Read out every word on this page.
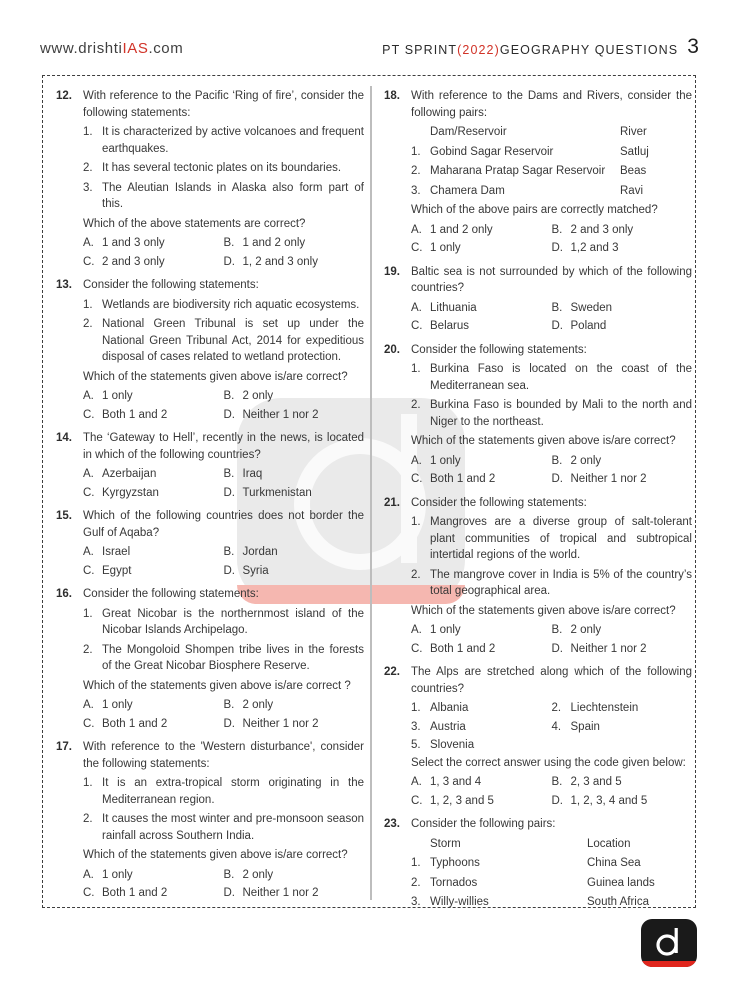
www.drishtiIAS.com	PT SPRINT (2022) GEOGRAPHY QUESTIONS 3
12. With reference to the Pacific ‘Ring of fire’, consider the following statements:
1. It is characterized by active volcanoes and frequent earthquakes.
2. It has several tectonic plates on its boundaries.
3. The Aleutian Islands in Alaska also form part of this.
Which of the above statements are correct?
A. 1 and 3 only	B. 1 and 2 only
C. 2 and 3 only	D. 1, 2 and 3 only
13. Consider the following statements:
1. Wetlands are biodiversity rich aquatic ecosystems.
2. National Green Tribunal is set up under the National Green Tribunal Act, 2014 for expeditious disposal of cases related to wetland protection.
Which of the statements given above is/are correct?
A. 1 only	B. 2 only
C. Both 1 and 2	D. Neither 1 nor 2
14. The ‘Gateway to Hell’, recently in the news, is located in which of the following countries?
A. Azerbaijan	B. Iraq
C. Kyrgyzstan	D. Turkmenistan
15. Which of the following countries does not border the Gulf of Aqaba?
A. Israel	B. Jordan
C. Egypt	D. Syria
16. Consider the following statements:
1. Great Nicobar is the northernmost island of the Nicobar Islands Archipelago.
2. The Mongoloid Shompen tribe lives in the forests of the Great Nicobar Biosphere Reserve.
Which of the statements given above is/are correct ?
A. 1 only	B. 2 only
C. Both 1 and 2	D. Neither 1 nor 2
17. With reference to the 'Western disturbance', consider the following statements:
1. It is an extra-tropical storm originating in the Mediterranean region.
2. It causes the most winter and pre-monsoon season rainfall across Southern India.
Which of the statements given above is/are correct?
A. 1 only	B. 2 only
C. Both 1 and 2	D. Neither 1 nor 2
18. With reference to the Dams and Rivers, consider the following pairs:
Dam/Reservoir	River
1. Gobind Sagar Reservoir	Satluj
2. Maharana Pratap Sagar Reservoir	Beas
3. Chamera Dam	Ravi
Which of the above pairs are correctly matched?
A. 1 and 2 only	B. 2 and 3 only
C. 1 only	D. 1,2 and 3
19. Baltic sea is not surrounded by which of the following countries?
A. Lithuania	B. Sweden
C. Belarus	D. Poland
20. Consider the following statements:
1. Burkina Faso is located on the coast of the Mediterranean sea.
2. Burkina Faso is bounded by Mali to the north and Niger to the northeast.
Which of the statements given above is/are correct?
A. 1 only	B. 2 only
C. Both 1 and 2	D. Neither 1 nor 2
21. Consider the following statements:
1. Mangroves are a diverse group of salt-tolerant plant communities of tropical and subtropical intertidal regions of the world.
2. The mangrove cover in India is 5% of the country’s total geographical area.
Which of the statements given above is/are correct?
A. 1 only	B. 2 only
C. Both 1 and 2	D. Neither 1 nor 2
22. The Alps are stretched along which of the following countries?
1. Albania	2. Liechtenstein
3. Austria	4. Spain
5. Slovenia
Select the correct answer using the code given below:
A. 1, 3 and 4	B. 2, 3 and 5
C. 1, 2, 3 and 5	D. 1, 2, 3, 4 and 5
23. Consider the following pairs:
Storm	Location
1. Typhoons	China Sea
2. Tornados	Guinea lands
3. Willy-willies	South Africa
